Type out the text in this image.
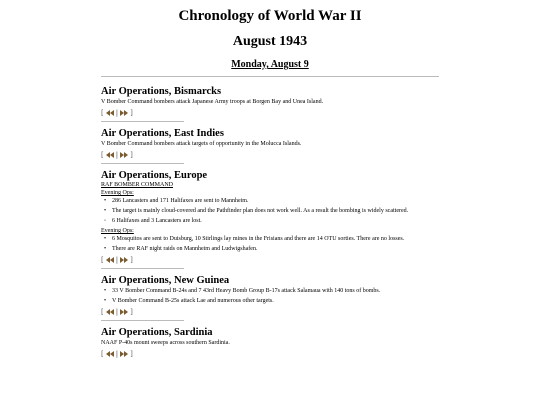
Chronology of World War II
August 1943
Monday, August 9
Air Operations, Bismarcks

V Bomber Command bombers attack Japanese Army troops at Borgen Bay and Unea Island.

[ | ]
Air Operations, East Indies

V Bomber Command bombers attack targets of opportunity in the Molucca Islands.

[ | ]
Air Operations, Europe
RAF BOMBER COMMAND
Evening Ops:
• 286 Lancasters and 171 Halifaxes are sent to Mannheim.
• The target is mainly cloud-covered and the Pathfinder plan does not work well. As a result the bombing is widely scattered.
◦ 6 Halifaxes and 3 Lancasters are lost.
Evening Ops:
• 6 Mosquitos are sent to Duisburg, 10 Stirlings lay mines in the Frisians and there are 14 OTU sorties. There are no losses.
• There are RAF night raids on Mannheim and Ludwigshafen.
[ | ]
Air Operations, New Guinea
• 33 V Bomber Command B-24s and 7 43rd Heavy Bomb Group B-17s attack Salamaua with 140 tons of bombs.
• V Bomber Command B-25s attack Lae and numerous other targets.
[ | ]
Air Operations, Sardinia

NAAF P-40s mount sweeps across southern Sardinia.

[ | ]
